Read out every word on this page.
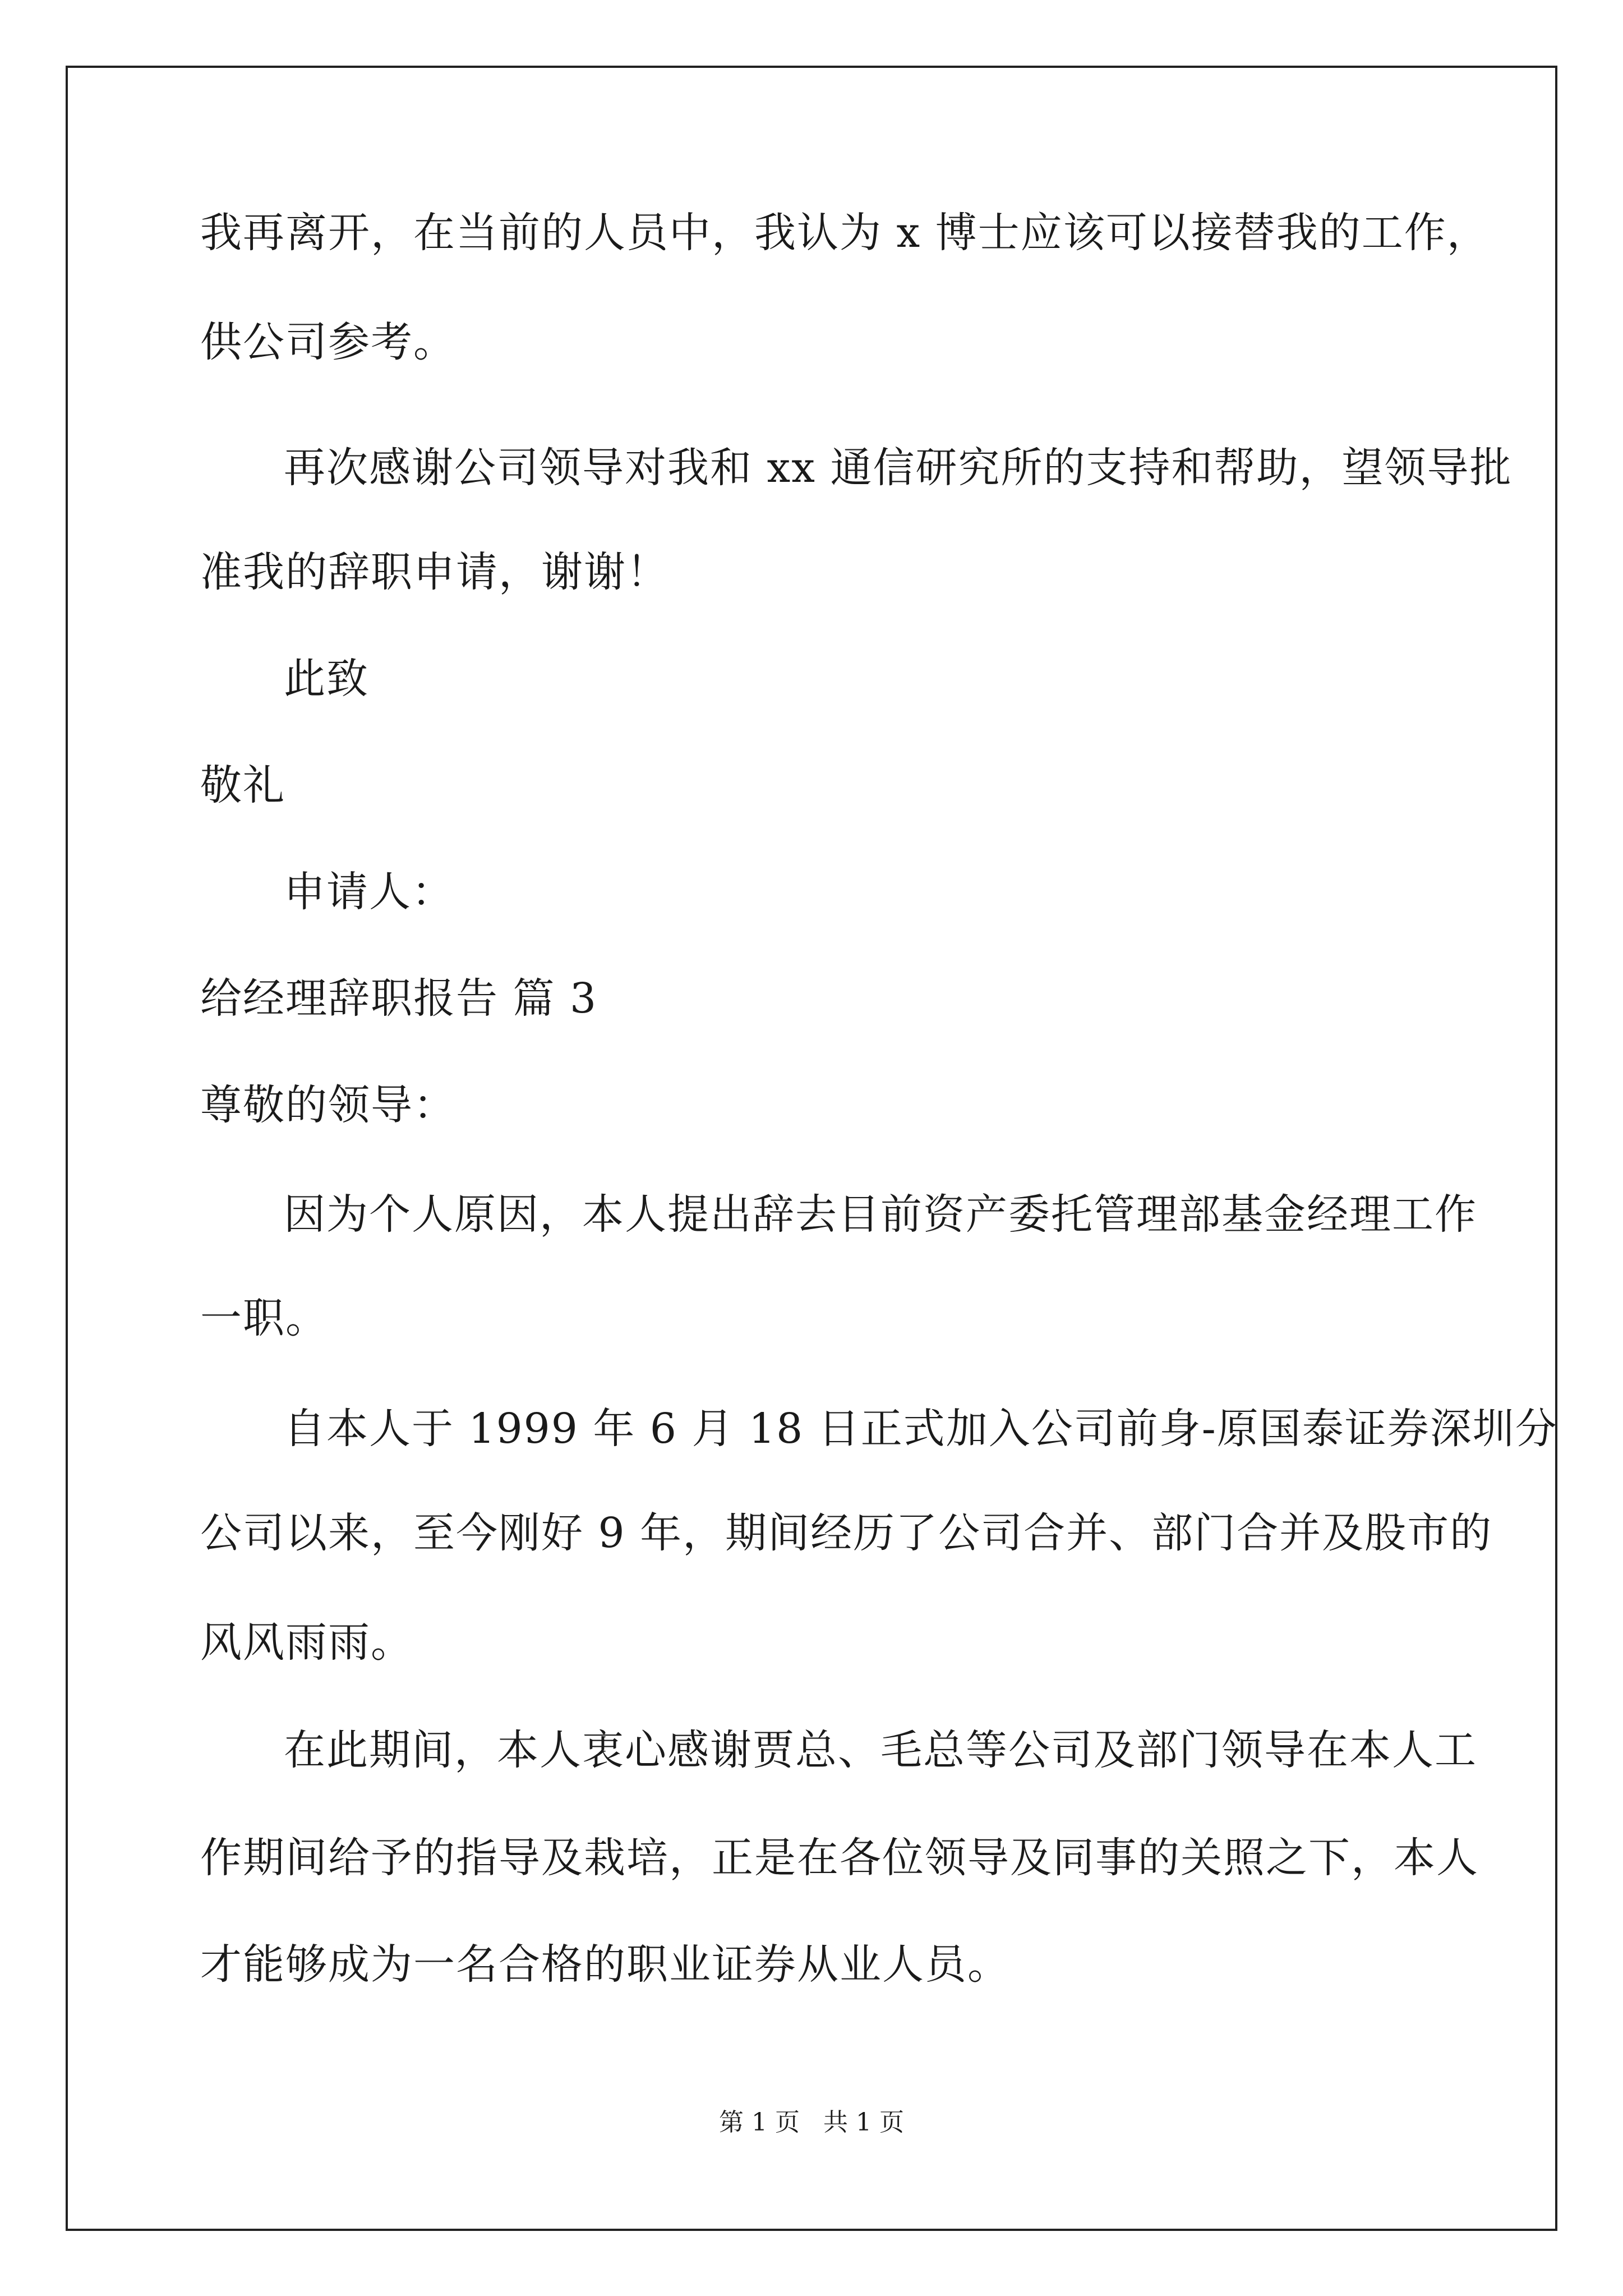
我再离开，在当前的人员中，我认为 x 博士应该可以接替我的工作，
供公司参考。
再次感谢公司领导对我和 xx 通信研究所的支持和帮助，望领导批
准我的辞职申请，谢谢！
此致
敬礼
申请人：
给经理辞职报告 篇 3
尊敬的领导：
因为个人原因，本人提出辞去目前资产委托管理部基金经理工作
一职。
自本人于 1999 年 6 月 18 日正式加入公司前身-原国泰证券深圳分
公司以来，至今刚好 9 年，期间经历了公司合并、部门合并及股市的
风风雨雨。
在此期间，本人衷心感谢贾总、毛总等公司及部门领导在本人工
作期间给予的指导及栽培，正是在各位领导及同事的关照之下，本人
才能够成为一名合格的职业证券从业人员。
第 1 页   共 1 页
